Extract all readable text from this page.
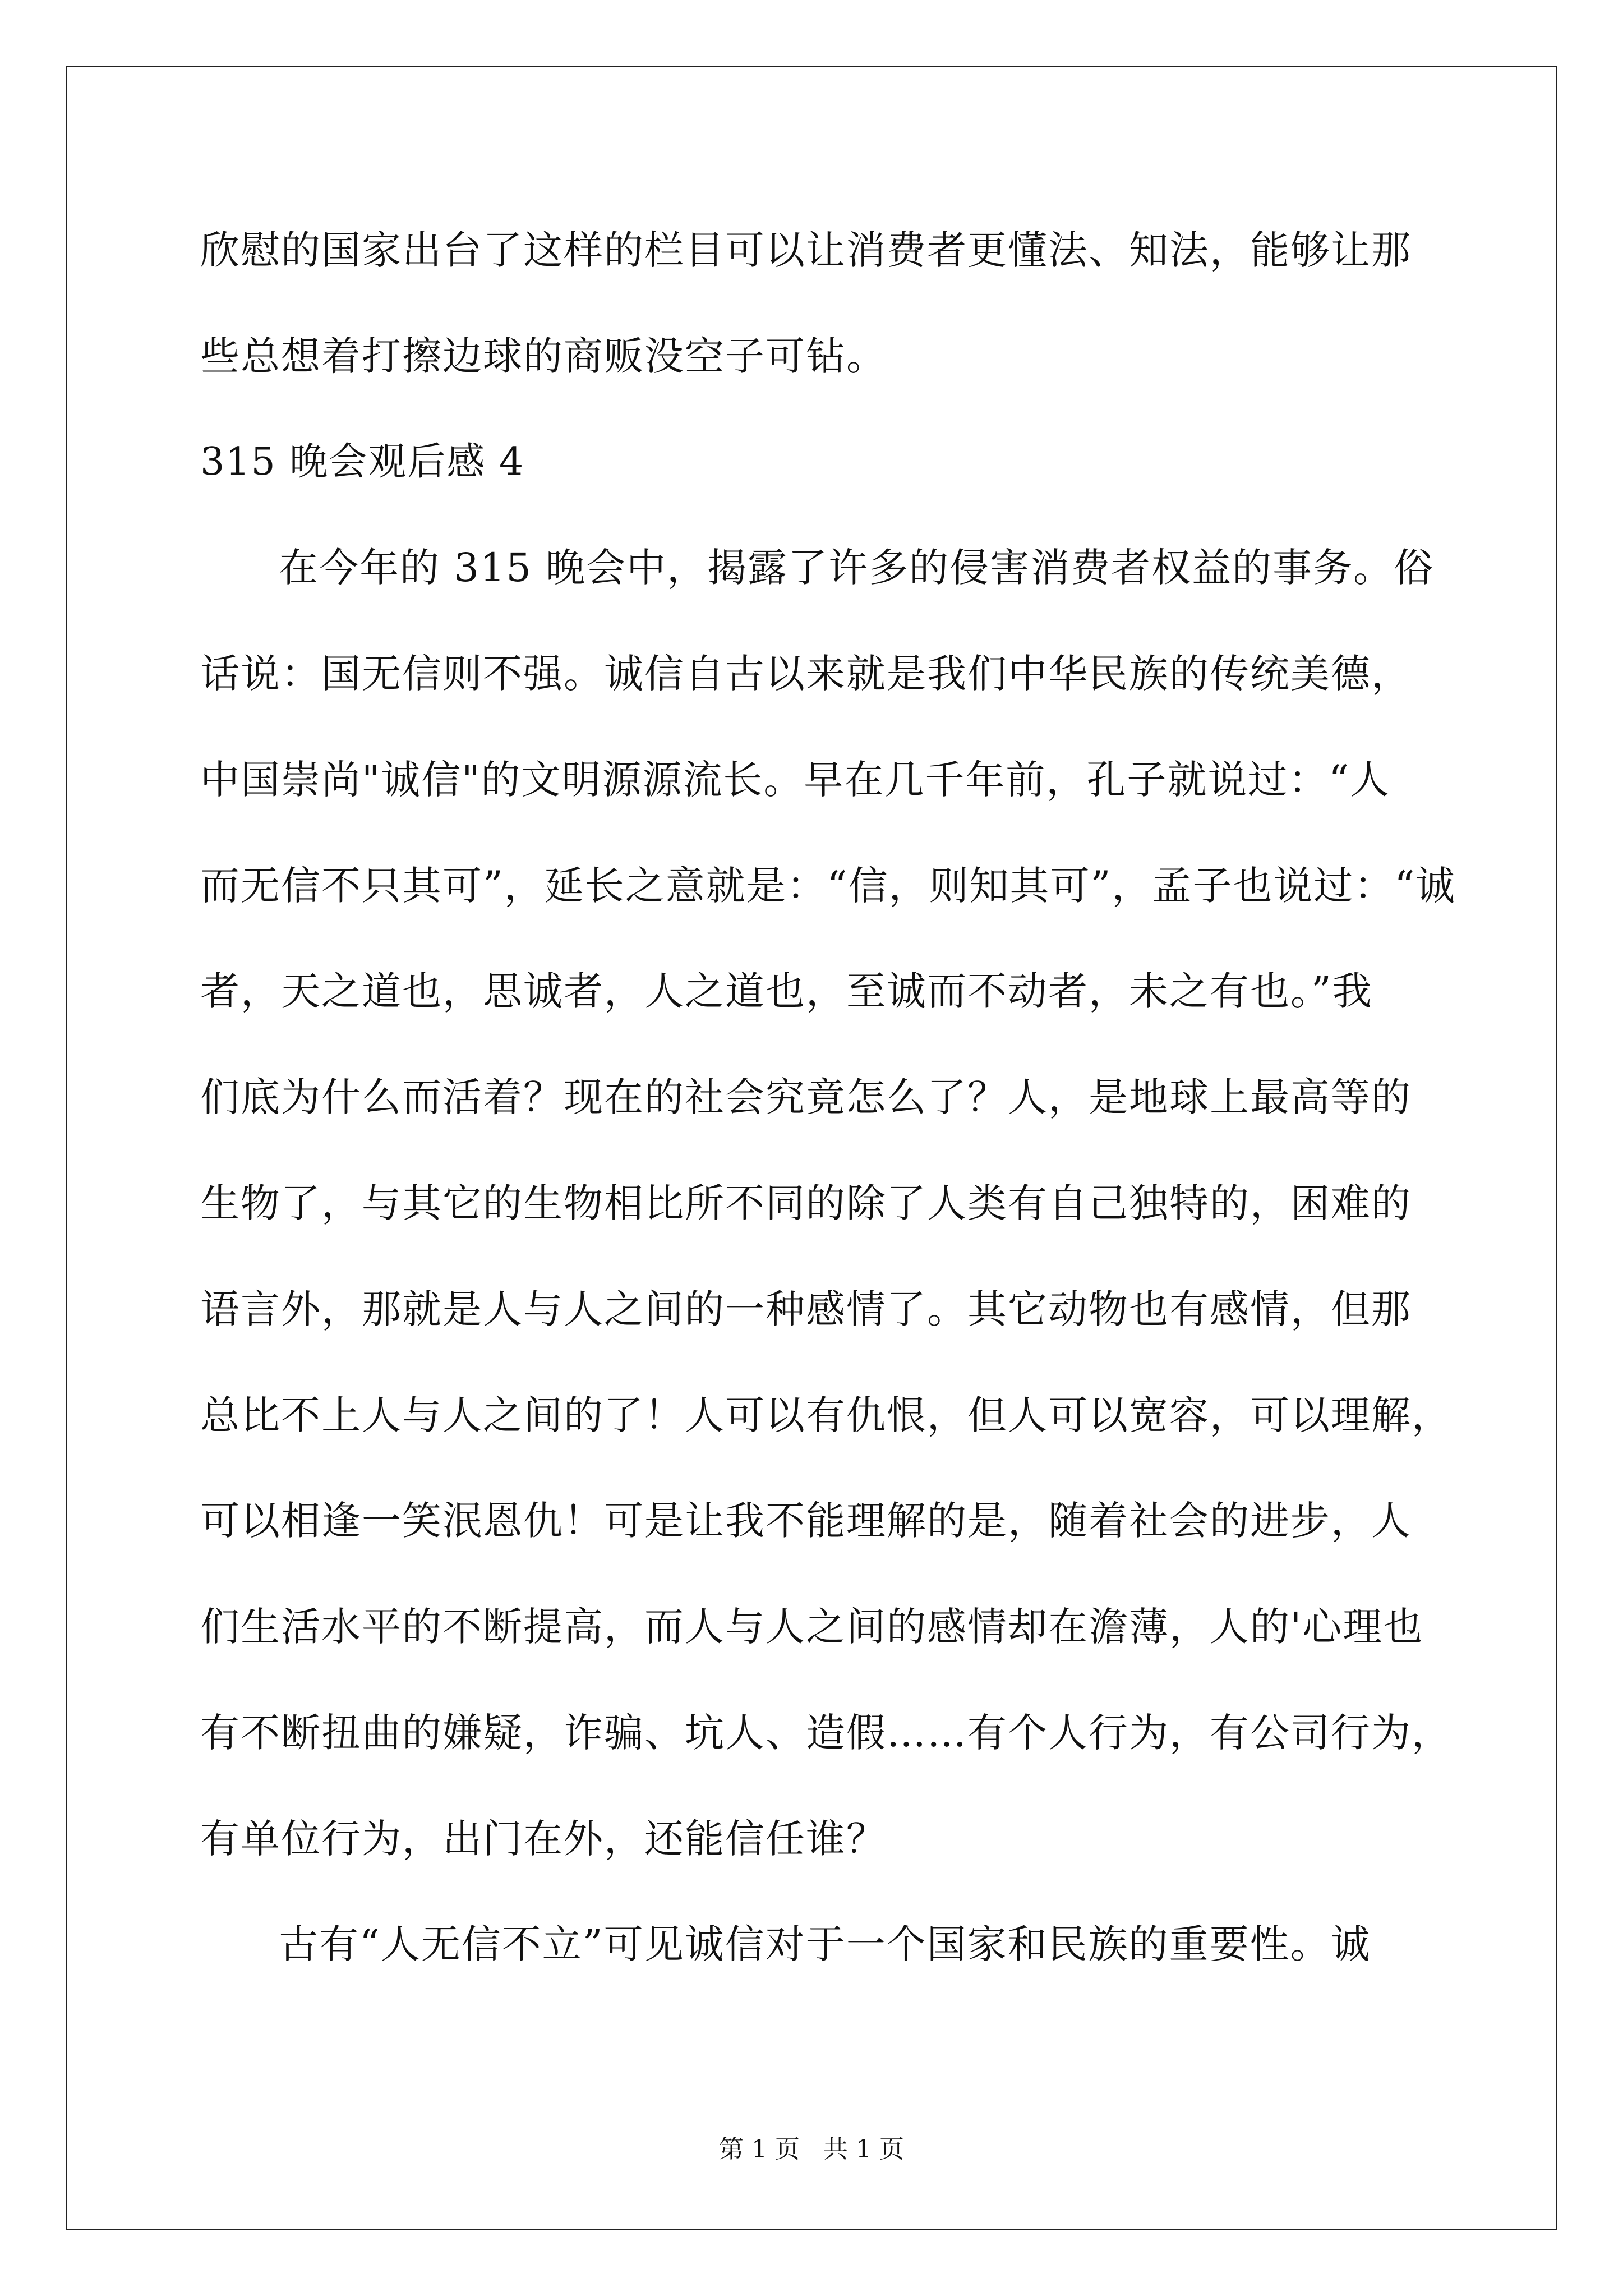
欣慰的国家出台了这样的栏目可以让消费者更懂法、知法，能够让那
些总想着打擦边球的商贩没空子可钻。
315 晚会观后感 4
在今年的 315 晚会中，揭露了许多的侵害消费者权益的事务。俗
话说：国无信则不强。诚信自古以来就是我们中华民族的传统美德，
中国崇尚"诚信"的文明源源流长。早在几千年前，孔子就说过：“人
而无信不只其可”，延长之意就是：“信，则知其可”，孟子也说过：“诚
者，天之道也，思诚者，人之道也，至诚而不动者，未之有也。”我
们底为什么而活着？现在的社会究竟怎么了？人，是地球上最高等的
生物了，与其它的生物相比所不同的除了人类有自己独特的，困难的
语言外，那就是人与人之间的一种感情了。其它动物也有感情，但那
总比不上人与人之间的了！人可以有仇恨，但人可以宽容，可以理解，
可以相逢一笑泯恩仇！可是让我不能理解的是，随着社会的进步，人
们生活水平的不断提高，而人与人之间的感情却在澹薄，人的'心理也
有不断扭曲的嫌疑，诈骗、坑人、造假……有个人行为，有公司行为，
有单位行为，出门在外，还能信任谁？
古有“人无信不立”可见诚信对于一个国家和民族的重要性。诚
第 1 页   共 1 页
